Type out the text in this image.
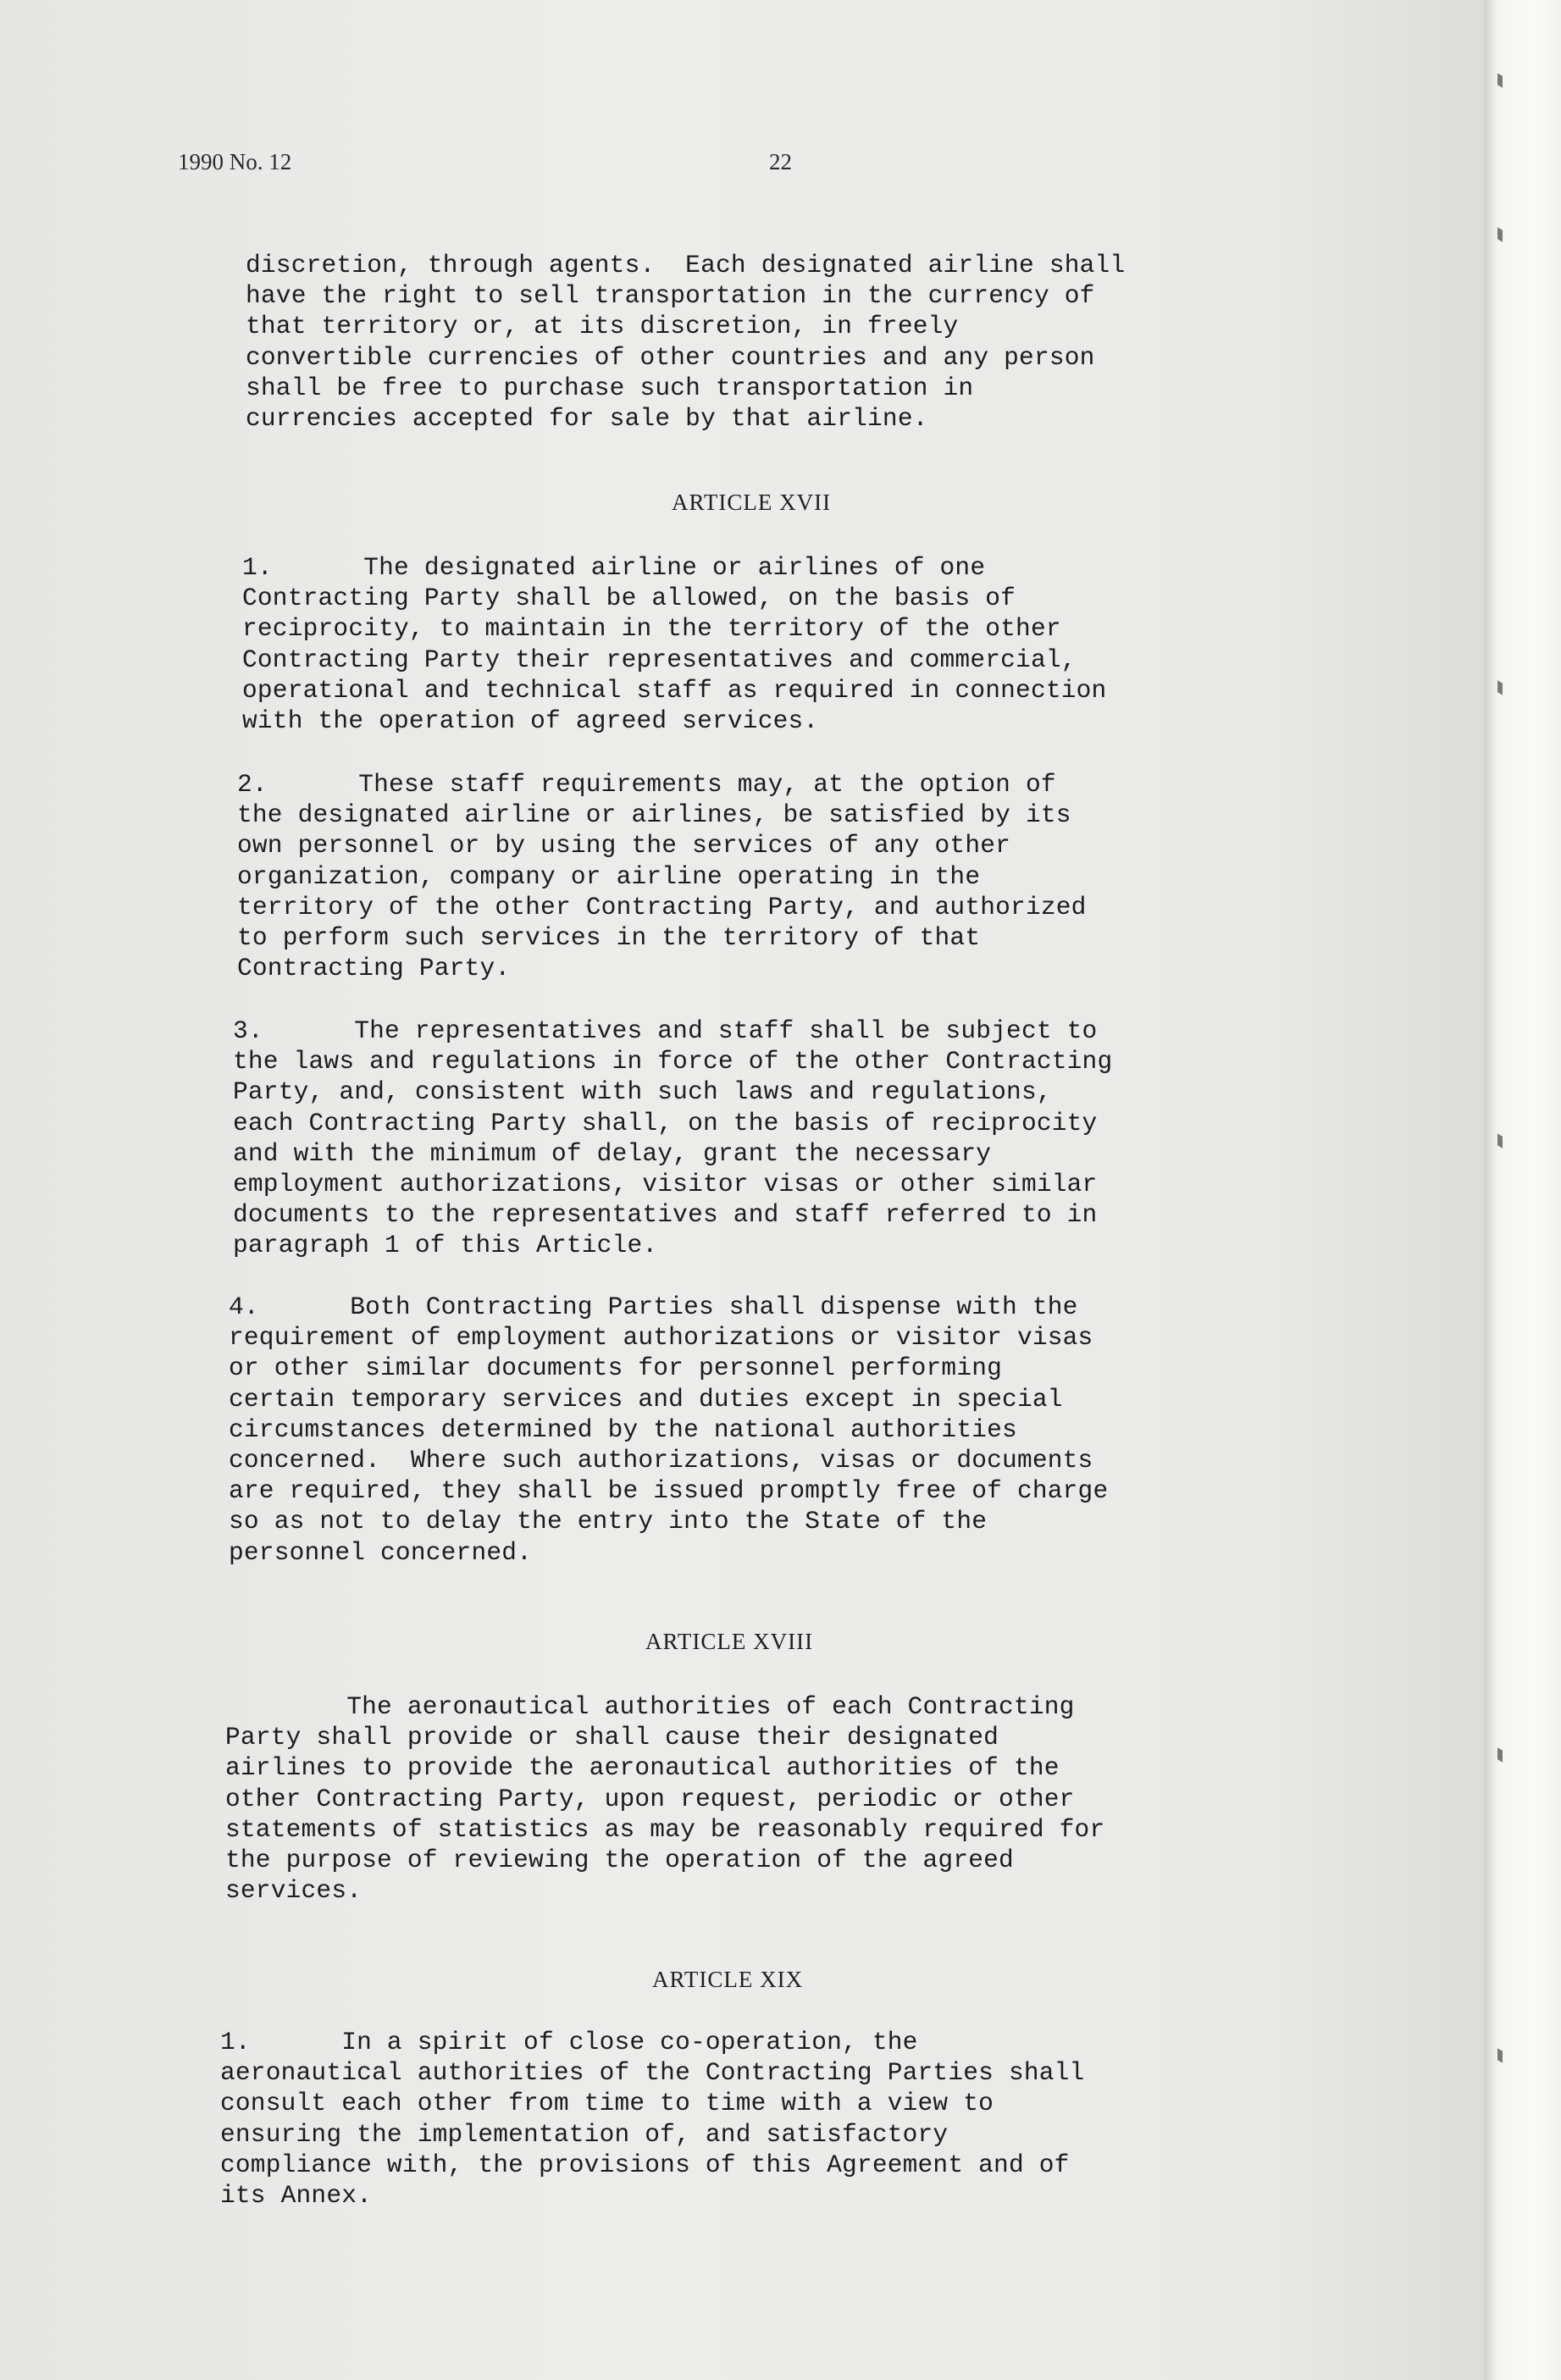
1990 No. 12	22
discretion, through agents.  Each designated airline shall
have the right to sell transportation in the currency of
that territory or, at its discretion, in freely
convertible currencies of other countries and any person
shall be free to purchase such transportation in
currencies accepted for sale by that airline.
ARTICLE XVII
1.      The designated airline or airlines of one
Contracting Party shall be allowed, on the basis of
reciprocity, to maintain in the territory of the other
Contracting Party their representatives and commercial,
operational and technical staff as required in connection
with the operation of agreed services.
2.      These staff requirements may, at the option of
the designated airline or airlines, be satisfied by its
own personnel or by using the services of any other
organization, company or airline operating in the
territory of the other Contracting Party, and authorized
to perform such services in the territory of that
Contracting Party.
3.      The representatives and staff shall be subject to
the laws and regulations in force of the other Contracting
Party, and, consistent with such laws and regulations,
each Contracting Party shall, on the basis of reciprocity
and with the minimum of delay, grant the necessary
employment authorizations, visitor visas or other similar
documents to the representatives and staff referred to in
paragraph 1 of this Article.
4.      Both Contracting Parties shall dispense with the
requirement of employment authorizations or visitor visas
or other similar documents for personnel performing
certain temporary services and duties except in special
circumstances determined by the national authorities
concerned.  Where such authorizations, visas or documents
are required, they shall be issued promptly free of charge
so as not to delay the entry into the State of the
personnel concerned.
ARTICLE XVIII
The aeronautical authorities of each Contracting
Party shall provide or shall cause their designated
airlines to provide the aeronautical authorities of the
other Contracting Party, upon request, periodic or other
statements of statistics as may be reasonably required for
the purpose of reviewing the operation of the agreed
services.
ARTICLE XIX
1.      In a spirit of close co-operation, the
aeronautical authorities of the Contracting Parties shall
consult each other from time to time with a view to
ensuring the implementation of, and satisfactory
compliance with, the provisions of this Agreement and of
its Annex.
